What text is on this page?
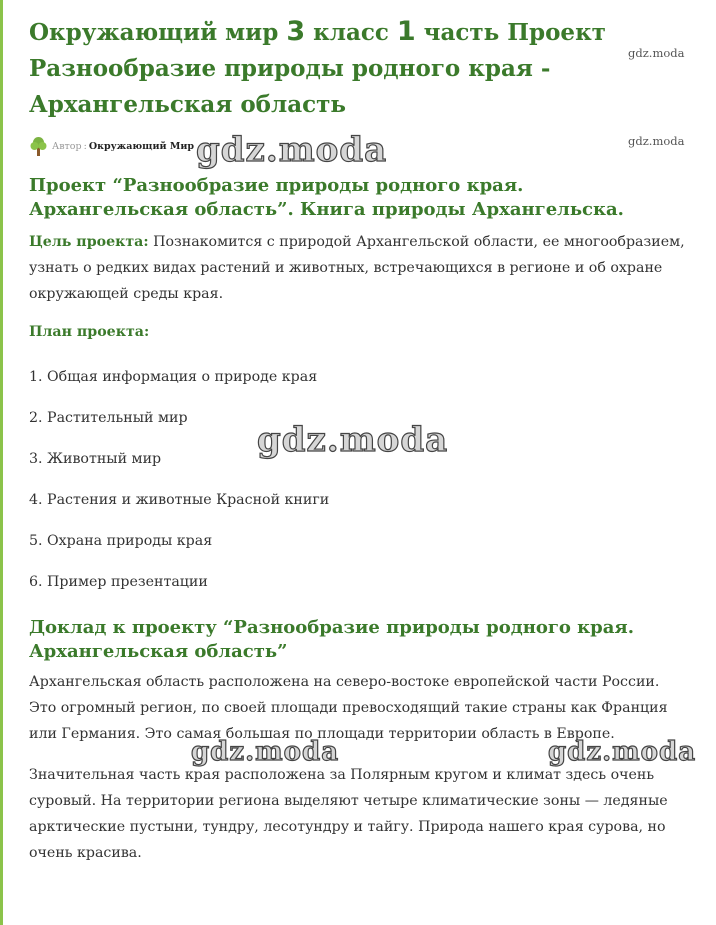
Окружающий мир 3 класс 1 часть Проект Разнообразие природы родного края - Архангельская область
Автор : Окружающий Мир
Проект “Разнообразие природы родного края. Архангельская область”. Книга природы Архангельска.

Цель проекта: Познакомится с природой Архангельской области, ее многообразием, узнать о редких видах растений и животных, встречающихся в регионе и об охране окружающей среды края.

План проекта:
1. Общая информация о природе края
2. Растительный мир
3. Животный мир
4. Растения и животные Красной книги
5. Охрана природы края
6. Пример презентации
Доклад к проекту “Разнообразие природы родного края. Архангельская область”

Архангельская область расположена на северо-востоке европейской части России. Это огромный регион, по своей площади превосходящий такие страны как Франция или Германия. Это самая большая по площади территории область в Европе.

Значительная часть края расположена за Полярным кругом и климат здесь очень суровый. На территории региона выделяют четыре климатические зоны — ледяные арктические пустыни, тундру, лесотундру и тайгу. Природа нашего края сурова, но очень красива.

gdz.moda
gdz.moda
gdz.moda
gdz.moda
gdz.moda	gdz.moda
